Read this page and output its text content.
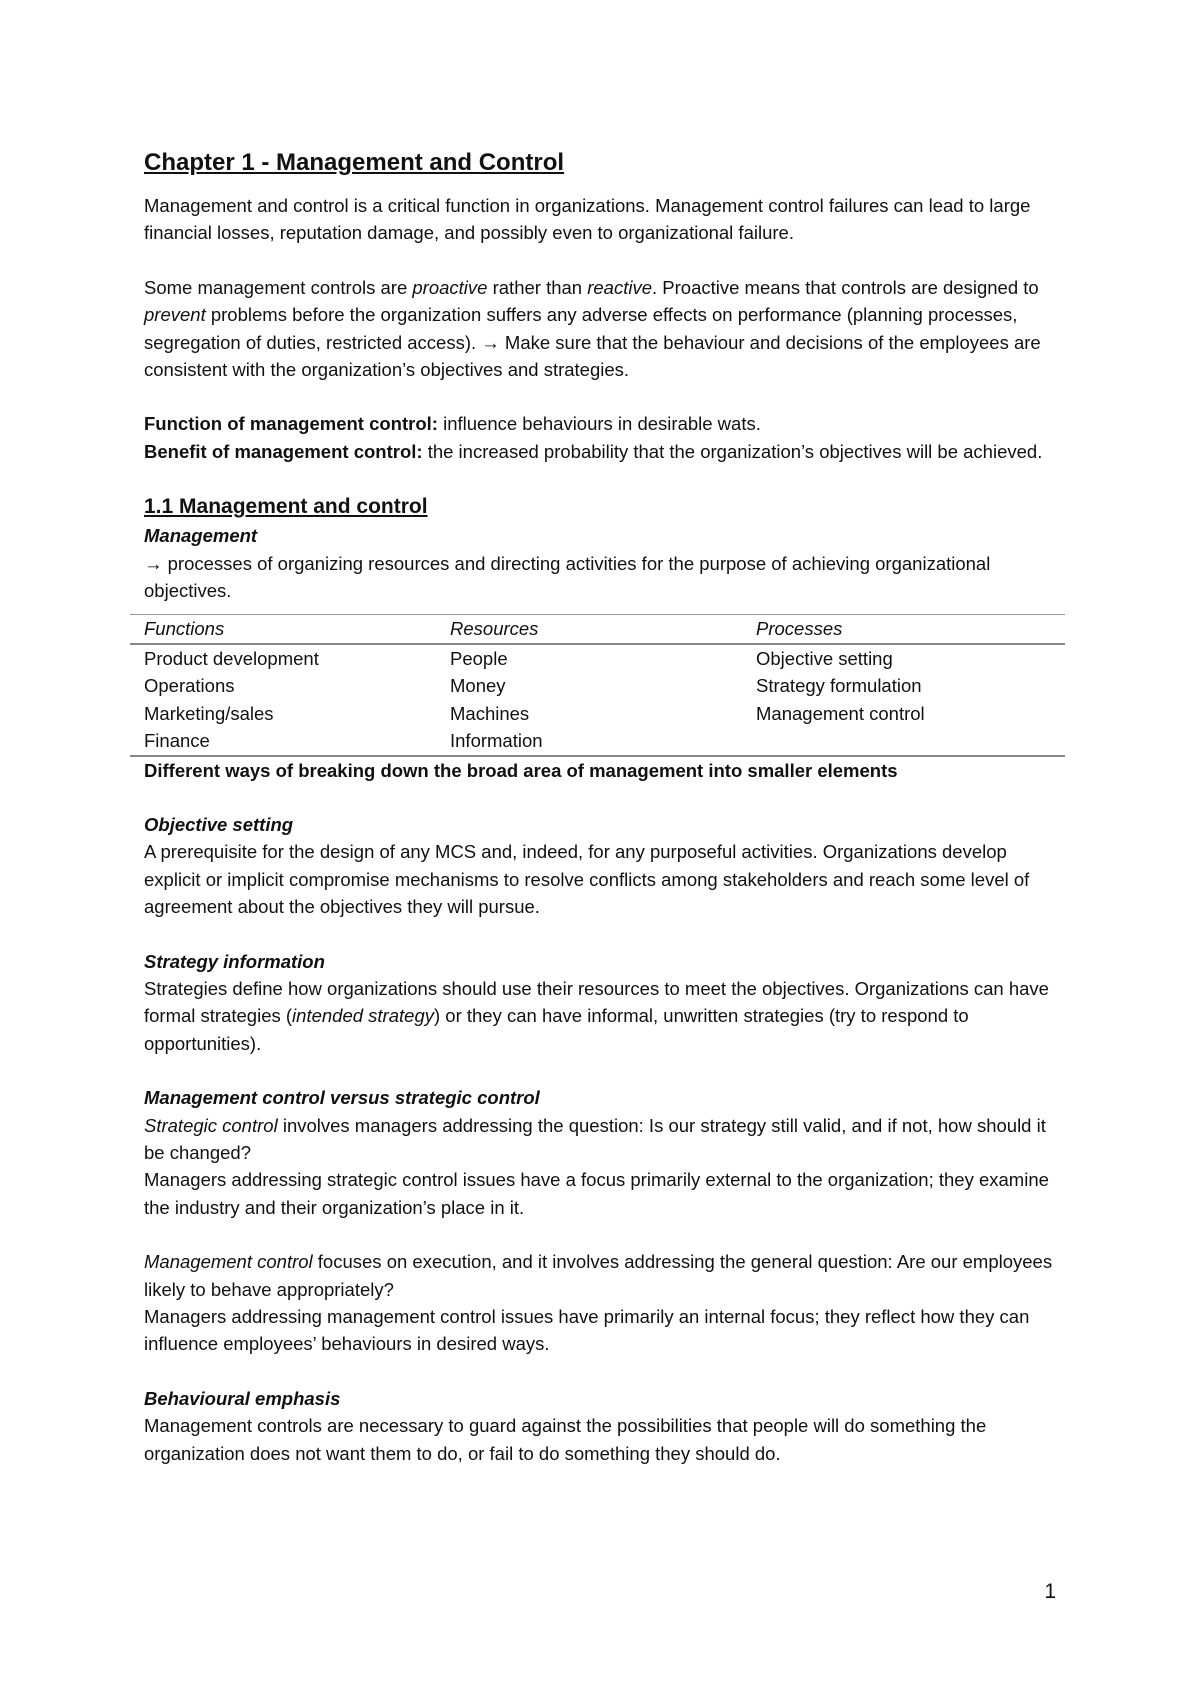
Chapter 1 - Management and Control

Management and control is a critical function in organizations. Management control failures can lead to large financial losses, reputation damage, and possibly even to organizational failure.

Some management controls are proactive rather than reactive. Proactive means that controls are designed to prevent problems before the organization suffers any adverse effects on performance (planning processes, segregation of duties, restricted access). → Make sure that the behaviour and decisions of the employees are consistent with the organization’s objectives and strategies.

Function of management control: influence behaviours in desirable wats.

Benefit of management control: the increased probability that the organization’s objectives will be achieved.

1.1 Management and control
Management

→ processes of organizing resources and directing activities for the purpose of achieving organizational objectives.

Functions	Resources	Processes
Product development	People	Objective setting
Operations	Money	Strategy formulation
Marketing/sales	Machines	Management control
Finance	Information	
Different ways of breaking down the broad area of management into smaller elements
Objective setting

A prerequisite for the design of any MCS and, indeed, for any purposeful activities. Organizations develop explicit or implicit compromise mechanisms to resolve conflicts among stakeholders and reach some level of agreement about the objectives they will pursue.

Strategy information

Strategies define how organizations should use their resources to meet the objectives. Organizations can have formal strategies (intended strategy) or they can have informal, unwritten strategies (try to respond to opportunities).

Management control versus strategic control

Strategic control involves managers addressing the question: Is our strategy still valid, and if not, how should it be changed?

Managers addressing strategic control issues have a focus primarily external to the organization; they examine the industry and their organization’s place in it.

Management control focuses on execution, and it involves addressing the general question: Are our employees likely to behave appropriately?

Managers addressing management control issues have primarily an internal focus; they reflect how they can influence employees’ behaviours in desired ways.

Behavioural emphasis

Management controls are necessary to guard against the possibilities that people will do something the organization does not want them to do, or fail to do something they should do.

1
